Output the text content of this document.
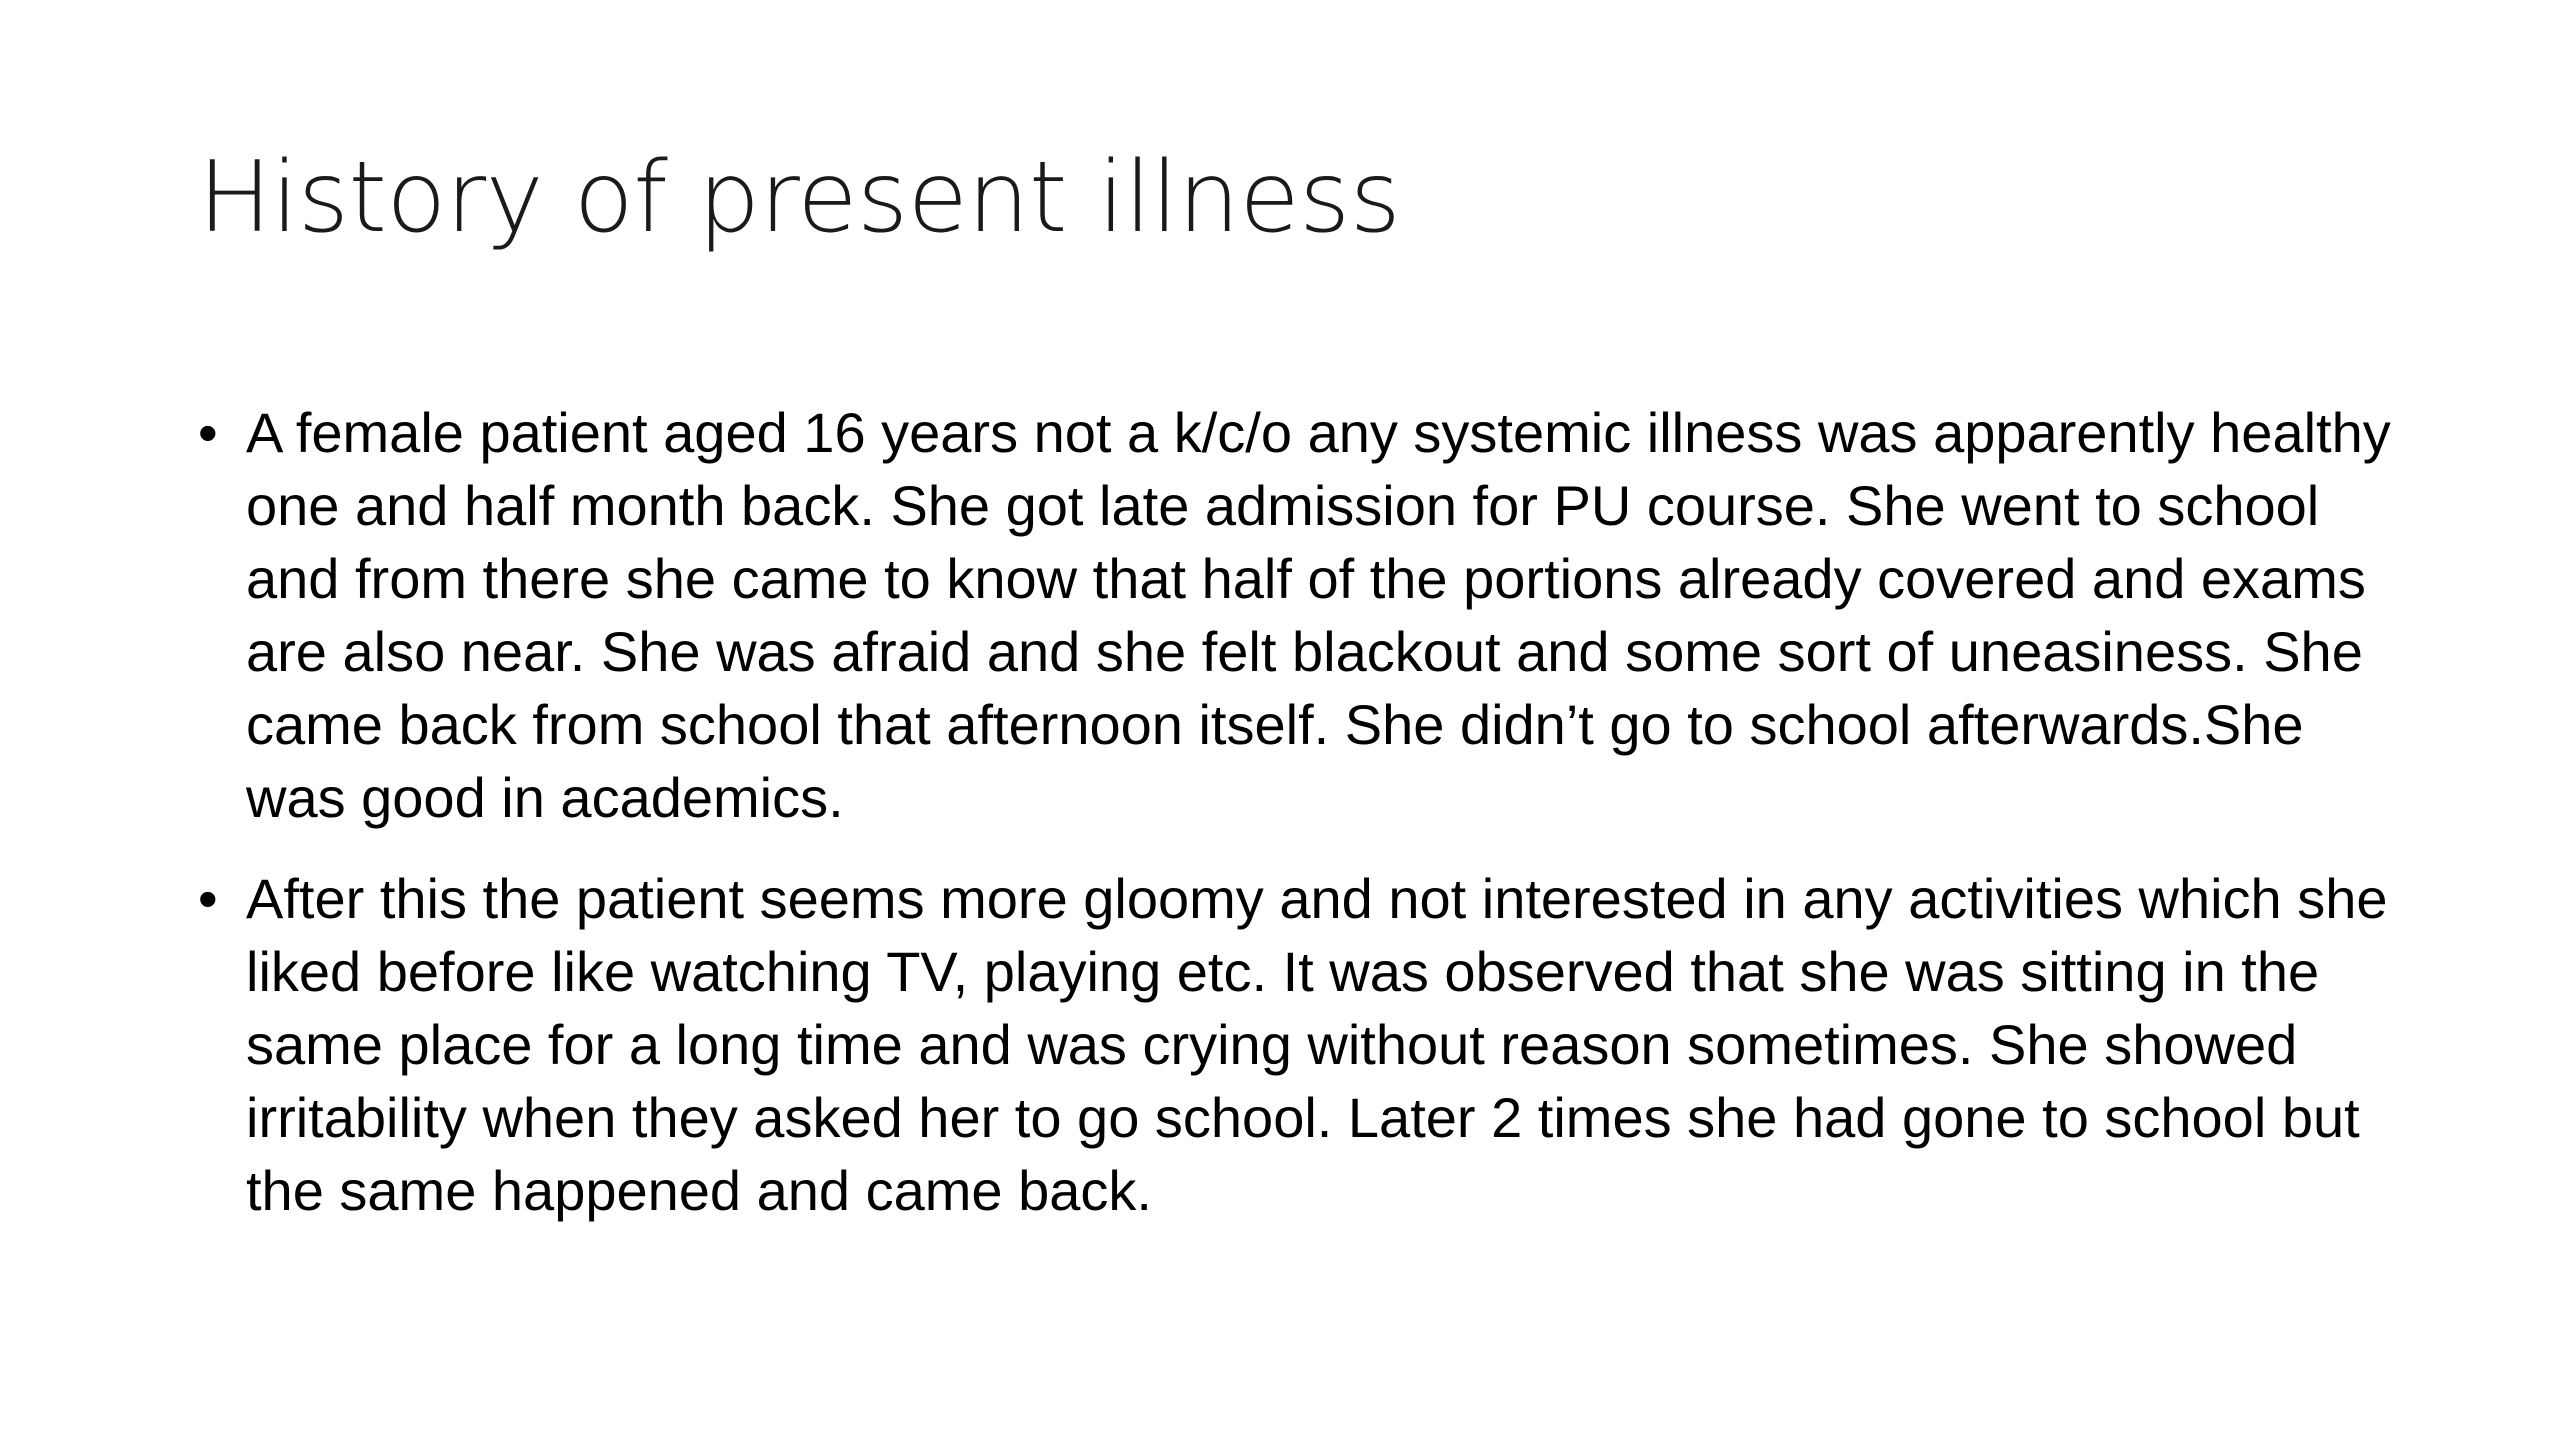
History of present illness
• A female patient aged 16 years not a k/c/o any systemic illness was apparently healthy one and half month back. She got late admission for PU course. She went to school and from there she came to know that half of the portions already covered and exams are also near. She was afraid and she felt blackout and some sort of uneasiness. She came back from school that afternoon itself. She didn’t go to school afterwards.She was good in academics.
• After this the patient seems more gloomy and not interested in any activities which she liked before like watching TV, playing etc. It was observed that she was sitting in the same place for a long time and was crying without reason sometimes. She showed irritability when they asked her to go school. Later 2 times she had gone to school but the same happened and came back.
